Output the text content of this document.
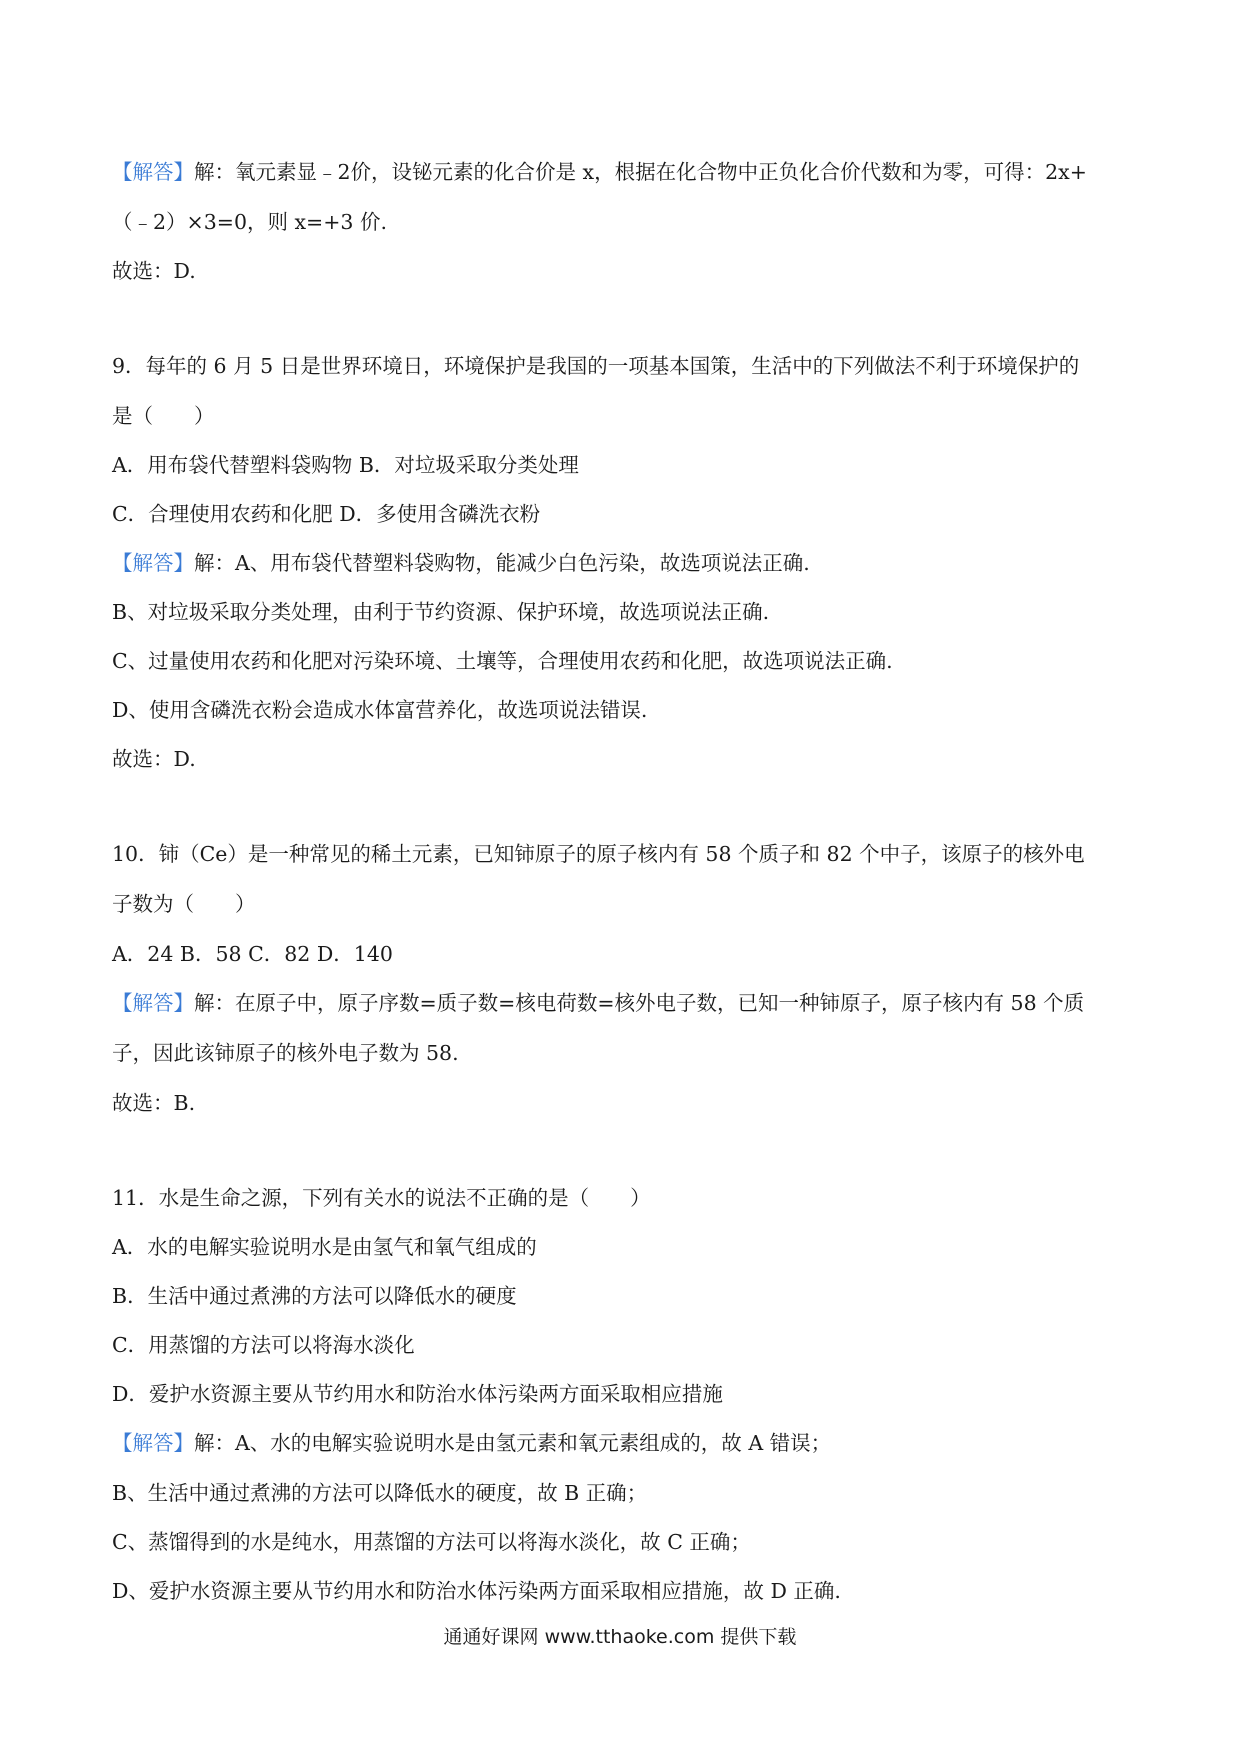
【解答】解：氧元素显﹣2价，设铋元素的化合价是 x，根据在化合物中正负化合价代数和为零，可得：2x+
（﹣2）×3=0，则 x=+3 价.
故选：D.
9．每年的 6 月 5 日是世界环境日，环境保护是我国的一项基本国策，生活中的下列做法不利于环境保护的
是（　　）
A．用布袋代替塑料袋购物 B．对垃圾采取分类处理
C．合理使用农药和化肥 D．多使用含磷洗衣粉
【解答】解：A、用布袋代替塑料袋购物，能减少白色污染，故选项说法正确.
B、对垃圾采取分类处理，由利于节约资源、保护环境，故选项说法正确.
C、过量使用农药和化肥对污染环境、土壤等，合理使用农药和化肥，故选项说法正确.
D、使用含磷洗衣粉会造成水体富营养化，故选项说法错误.
故选：D.
10．铈（Ce）是一种常见的稀土元素，已知铈原子的原子核内有 58 个质子和 82 个中子，该原子的核外电
子数为（　　）
A．24 B．58 C．82 D．140
【解答】解：在原子中，原子序数=质子数=核电荷数=核外电子数，已知一种铈原子，原子核内有 58 个质
子，因此该铈原子的核外电子数为 58.
故选：B.
11．水是生命之源，下列有关水的说法不正确的是（　　）
A．水的电解实验说明水是由氢气和氧气组成的
B．生活中通过煮沸的方法可以降低水的硬度
C．用蒸馏的方法可以将海水淡化
D．爱护水资源主要从节约用水和防治水体污染两方面采取相应措施
【解答】解：A、水的电解实验说明水是由氢元素和氧元素组成的，故 A 错误；
B、生活中通过煮沸的方法可以降低水的硬度，故 B 正确；
C、蒸馏得到的水是纯水，用蒸馏的方法可以将海水淡化，故 C 正确；
D、爱护水资源主要从节约用水和防治水体污染两方面采取相应措施，故 D 正确.
通通好课网 www.tthaoke.com 提供下载
